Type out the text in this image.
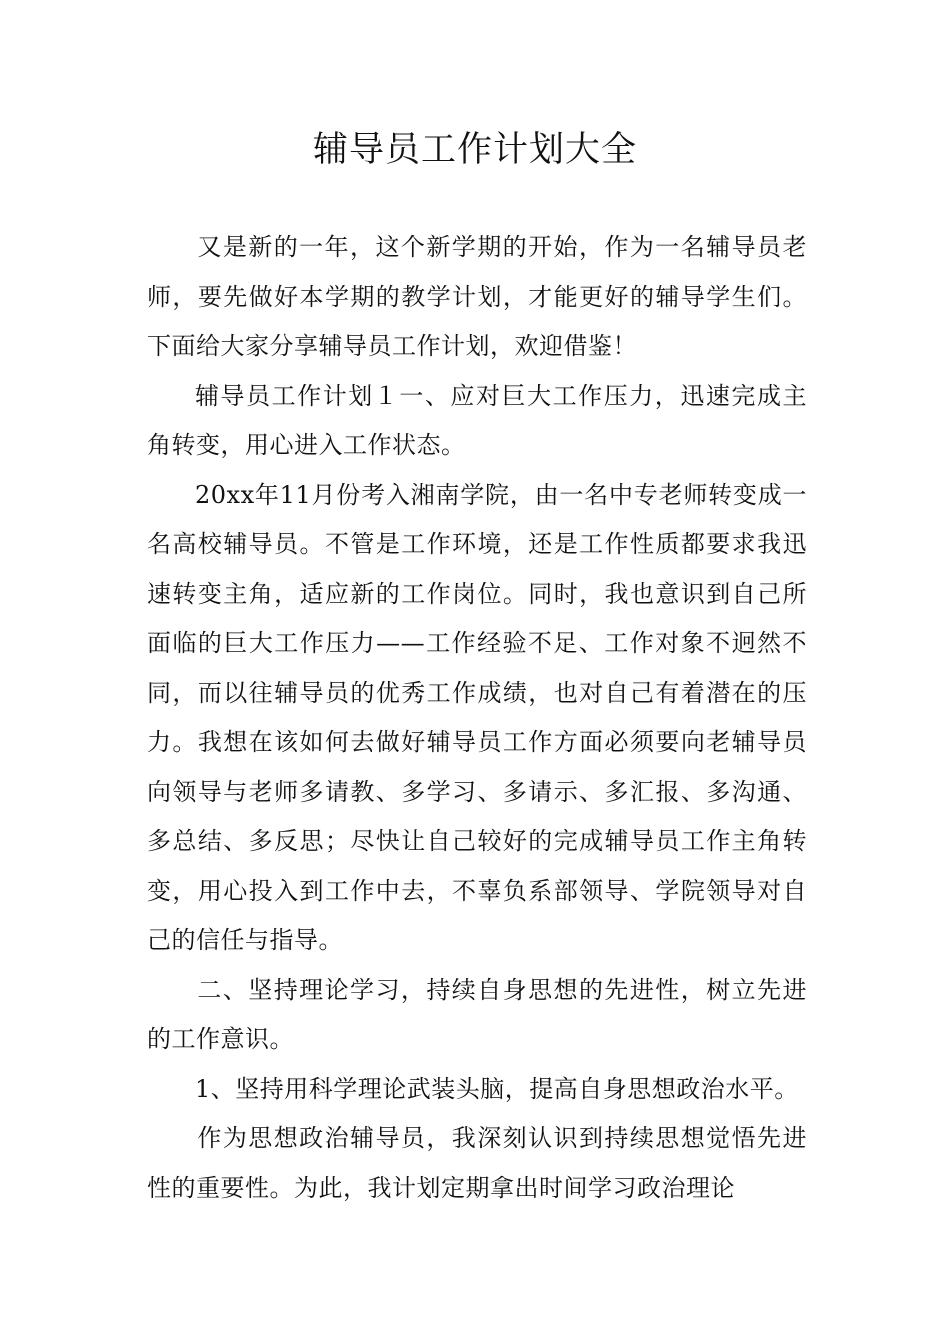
辅导员工作计划大全

又是新的一年，这个新学期的开始，作为一名辅导员老师，要先做好本学期的教学计划，才能更好的辅导学生们。下面给大家分享辅导员工作计划，欢迎借鉴！

辅导员工作计划１一、应对巨大工作压力，迅速完成主角转变，用心进入工作状态。

20xx年11月份考入湘南学院，由一名中专老师转变成一名高校辅导员。不管是工作环境，还是工作性质都要求我迅速转变主角，适应新的工作岗位。同时，我也意识到自己所面临的巨大工作压力——工作经验不足、工作对象不迥然不同，而以往辅导员的优秀工作成绩，也对自己有着潜在的压力。我想在该如何去做好辅导员工作方面必须要向老辅导员向领导与老师多请教、多学习、多请示、多汇报、多沟通、多总结、多反思；尽快让自己较好的完成辅导员工作主角转变，用心投入到工作中去，不辜负系部领导、学院领导对自己的信任与指导。

二、坚持理论学习，持续自身思想的先进性，树立先进的工作意识。

1、坚持用科学理论武装头脑，提高自身思想政治水平。

作为思想政治辅导员，我深刻认识到持续思想觉悟先进性的重要性。为此，我计划定期拿出时间学习政治理论
